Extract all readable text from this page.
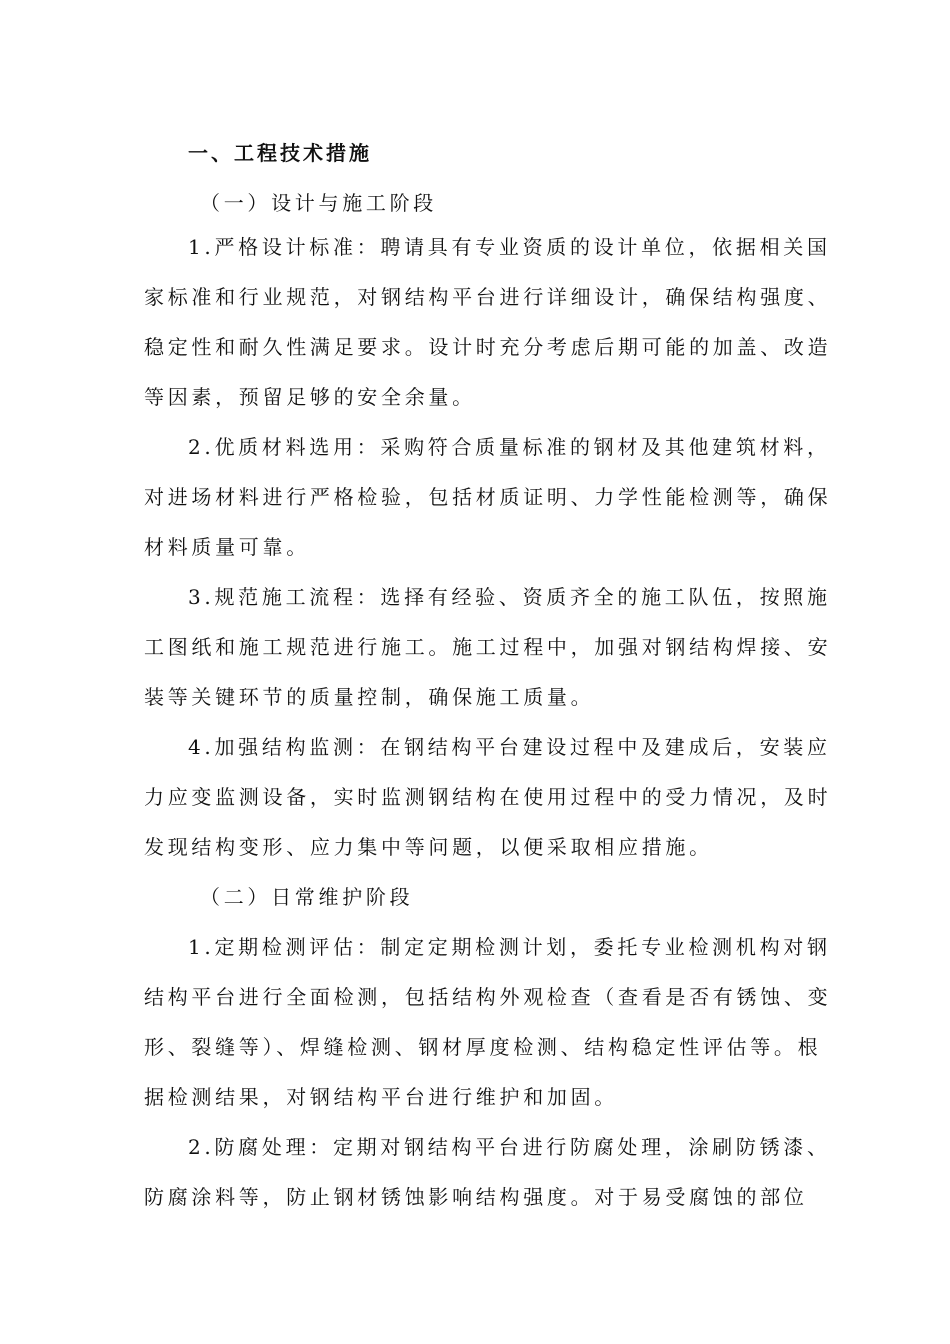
一、工程技术措施
（一）设计与施工阶段
1.严格设计标准：聘请具有专业资质的设计单位，依据相关国
家标准和行业规范，对钢结构平台进行详细设计，确保结构强度、
稳定性和耐久性满足要求。设计时充分考虑后期可能的加盖、改造
等因素，预留足够的安全余量。
2.优质材料选用：采购符合质量标准的钢材及其他建筑材料，
对进场材料进行严格检验，包括材质证明、力学性能检测等，确保
材料质量可靠。
3.规范施工流程：选择有经验、资质齐全的施工队伍，按照施
工图纸和施工规范进行施工。施工过程中，加强对钢结构焊接、安
装等关键环节的质量控制，确保施工质量。
4.加强结构监测：在钢结构平台建设过程中及建成后，安装应
力应变监测设备，实时监测钢结构在使用过程中的受力情况，及时
发现结构变形、应力集中等问题，以便采取相应措施。
（二）日常维护阶段
1.定期检测评估：制定定期检测计划，委托专业检测机构对钢
结构平台进行全面检测，包括结构外观检查（查看是否有锈蚀、变
形、裂缝等）、焊缝检测、钢材厚度检测、结构稳定性评估等。根
据检测结果，对钢结构平台进行维护和加固。
2.防腐处理：定期对钢结构平台进行防腐处理，涂刷防锈漆、
防腐涂料等，防止钢材锈蚀影响结构强度。对于易受腐蚀的部位
